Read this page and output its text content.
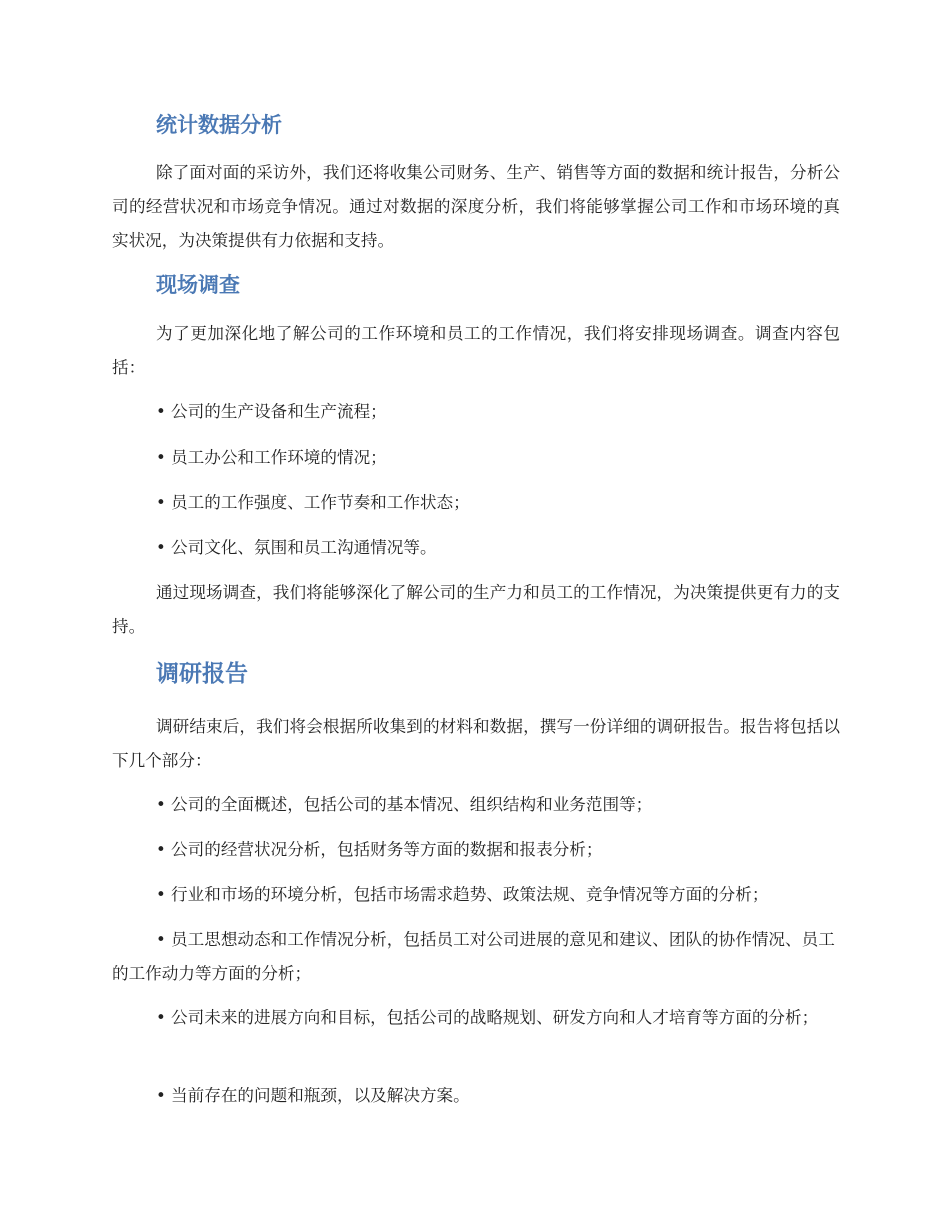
统计数据分析

除了面对面的采访外，我们还将收集公司财务、生产、销售等方面的数据和统计报告，分析公司的经营状况和市场竞争情况。通过对数据的深度分析，我们将能够掌握公司工作和市场环境的真实状况，为决策提供有力依据和支持。

现场调查

为了更加深化地了解公司的工作环境和员工的工作情况，我们将安排现场调查。调查内容包括：

• 公司的生产设备和生产流程；

• 员工办公和工作环境的情况；

• 员工的工作强度、工作节奏和工作状态；

• 公司文化、氛围和员工沟通情况等。

通过现场调查，我们将能够深化了解公司的生产力和员工的工作情况，为决策提供更有力的支持。

调研报告

调研结束后，我们将会根据所收集到的材料和数据，撰写一份详细的调研报告。报告将包括以下几个部分：

• 公司的全面概述，包括公司的基本情况、组织结构和业务范围等；

• 公司的经营状况分析，包括财务等方面的数据和报表分析；

• 行业和市场的环境分析，包括市场需求趋势、政策法规、竞争情况等方面的分析；

• 员工思想动态和工作情况分析，包括员工对公司进展的意见和建议、团队的协作情况、员工的工作动力等方面的分析；

• 公司未来的进展方向和目标，包括公司的战略规划、研发方向和人才培育等方面的分析；

• 当前存在的问题和瓶颈，以及解决方案。
